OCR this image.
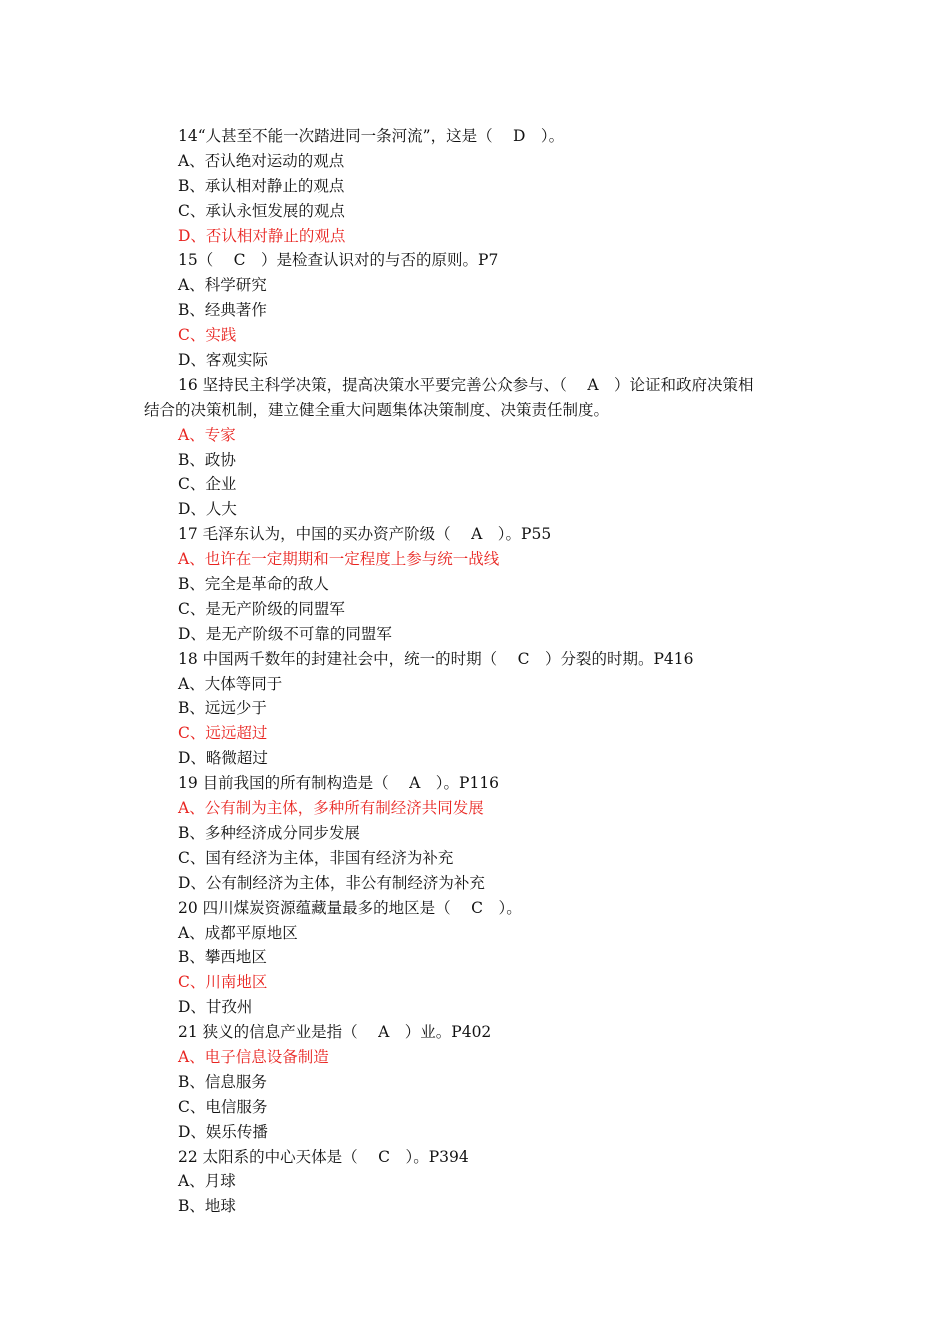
14“人甚至不能一次踏进同一条河流”，这是（　 D　）。
A、否认绝对运动的观点
B、承认相对静止的观点
C、承认永恒发展的观点
D、否认相对静止的观点
15（　 C　）是检查认识对的与否的原则。P7
A、科学研究
B、经典著作
C、实践
D、客观实际
16 坚持民主科学决策，提高决策水平要完善公众参与、（　 A　）论证和政府决策相
结合的决策机制，建立健全重大问题集体决策制度、决策责任制度。
A、专家
B、政协
C、企业
D、人大
17 毛泽东认为，中国的买办资产阶级（　 A　）。P55
A、也许在一定期期和一定程度上参与统一战线
B、完全是革命的敌人
C、是无产阶级的同盟军
D、是无产阶级不可靠的同盟军
18 中国两千数年的封建社会中，统一的时期（　 C　）分裂的时期。P416
A、大体等同于
B、远远少于
C、远远超过
D、略微超过
19 目前我国的所有制构造是（　 A　）。P116
A、公有制为主体，多种所有制经济共同发展
B、多种经济成分同步发展
C、国有经济为主体，非国有经济为补充
D、公有制经济为主体，非公有制经济为补充
20 四川煤炭资源蕴藏量最多的地区是（　 C　）。
A、成都平原地区
B、攀西地区
C、川南地区
D、甘孜州
21 狭义的信息产业是指（　 A　）业。P402
A、电子信息设备制造
B、信息服务
C、电信服务
D、娱乐传播
22 太阳系的中心天体是（　 C　）。P394
A、月球
B、地球
